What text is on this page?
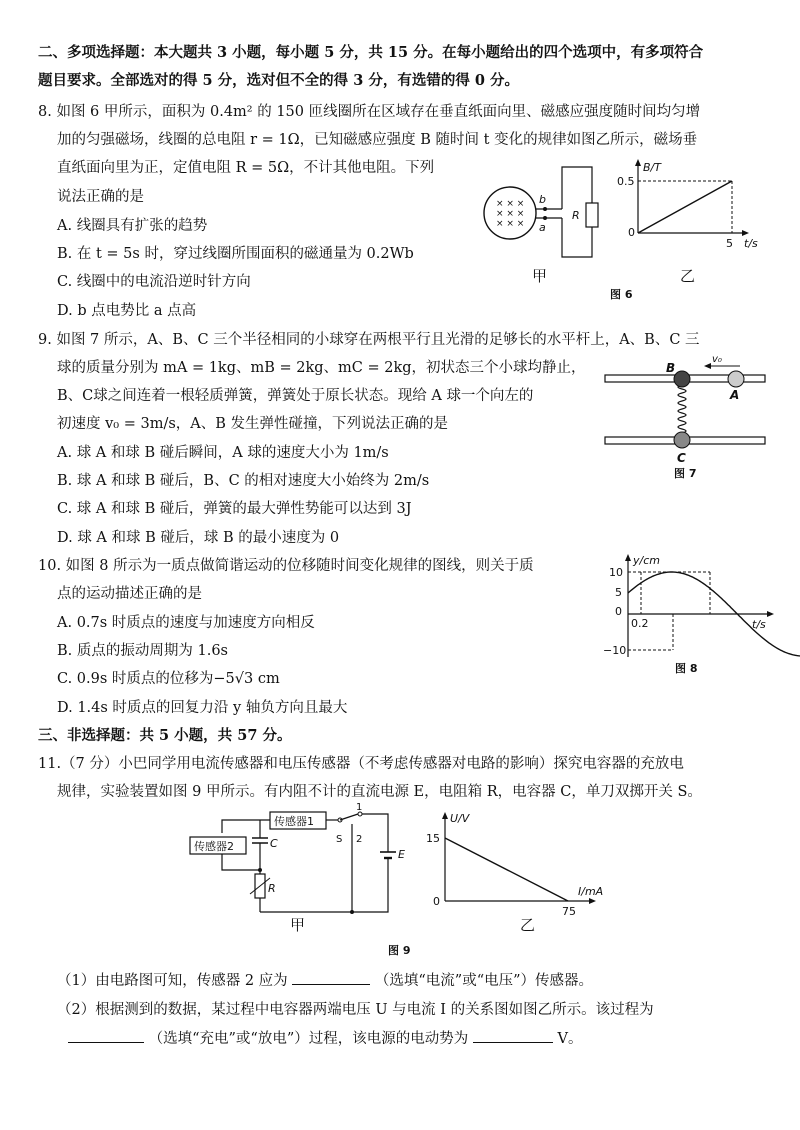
二、多项选择题：本大题共 3 小题，每小题 5 分，共 15 分。在每小题给出的四个选项中，有多项符合
题目要求。全部选对的得 5 分，选对但不全的得 3 分，有选错的得 0 分。
8. 如图 6 甲所示，面积为 0.4m² 的 150 匝线圈所在区域存在垂直纸面向里、磁感应强度随时间均匀增
加的匀强磁场，线圈的总电阻 r = 1Ω，已知磁感应强度 B 随时间 t 变化的规律如图乙所示，磁场垂
直纸面向里为正，定值电阻 R = 5Ω，不计其他电阻。下列
说法正确的是
A. 线圈具有扩张的趋势
B. 在 t = 5s 时，穿过线圈所围面积的磁通量为 0.2Wb
C. 线圈中的电流沿逆时针方向
D. b 点电势比 a 点高
× × ×
× × ×
× × ×
b
a
R
甲
B/T
0.5
0
5 t/s
乙
图 6
9. 如图 7 所示，A、B、C 三个半径相同的小球穿在两根平行且光滑的足够长的水平杆上，A、B、C 三
球的质量分别为 mA = 1kg、mB = 2kg、mC = 2kg，初状态三个小球均静止，
B、C球之间连着一根轻质弹簧，弹簧处于原长状态。现给 A 球一个向左的
初速度 v₀ = 3m/s，A、B 发生弹性碰撞，下列说法正确的是
A. 球 A 和球 B 碰后瞬间，A 球的速度大小为 1m/s
B. 球 A 和球 B 碰后，B、C 的相对速度大小始终为 2m/s
C. 球 A 和球 B 碰后，弹簧的最大弹性势能可以达到 3J
D. 球 A 和球 B 碰后，球 B 的最小速度为 0
B
A
C
v₀
图 7
10. 如图 8 所示为一质点做简谐运动的位移随时间变化规律的图线，则关于质
点的运动描述正确的是
A. 0.7s 时质点的速度与加速度方向相反
B. 质点的振动周期为 1.6s
C. 0.9s 时质点的位移为−5√3 cm
D. 1.4s 时质点的回复力沿 y 轴负方向且最大
y/cm
10
5
0
−10
0.2	t/s
图 8
三、非选择题：共 5 小题，共 57 分。
11.（7 分）小巴同学用电流传感器和电压传感器（不考虑传感器对电路的影响）探究电容器的充放电
规律，实验装置如图 9 甲所示。有内阻不计的直流电源 E，电阻箱 R，电容器 C，单刀双掷开关 S。
传感器1
1
S 2
E
C
R
传感器2
甲
U/V
15
0
75
I/mA
乙
图 9
（1）由电路图可知，传感器 2 应为	（选填“电流”或“电压”）传感器。
（2）根据测到的数据，某过程中电容器两端电压 U 与电流 I 的关系图如图乙所示。该过程为
（选填“充电”或“放电”）过程，该电源的电动势为	V。
